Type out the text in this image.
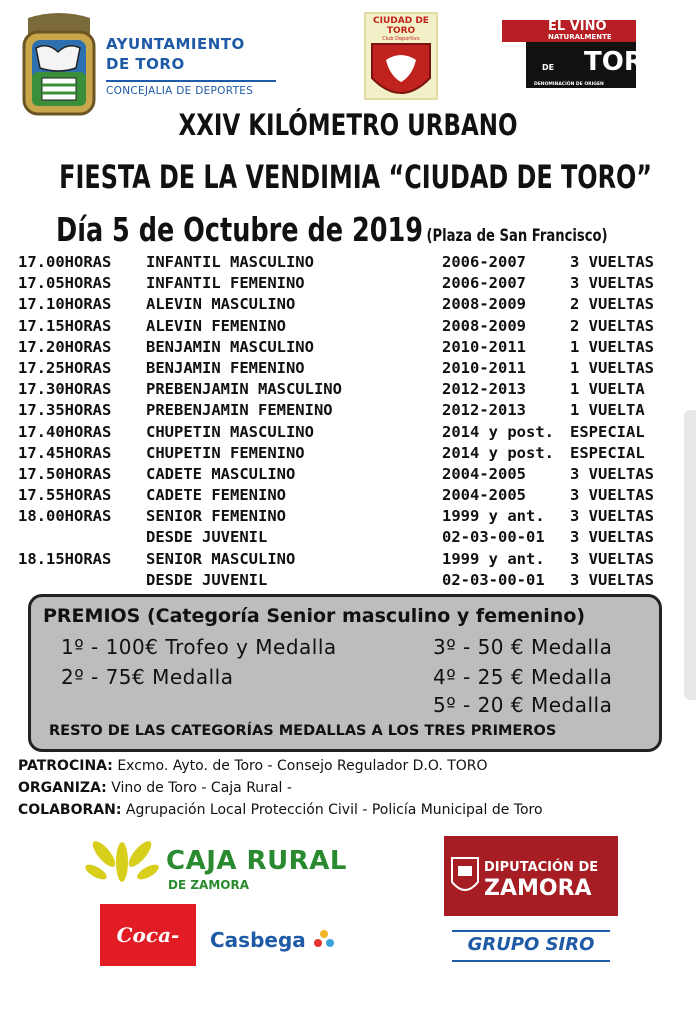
AYUNTAMIENTO
DE TORO
CONCEJALIA DE DEPORTES
CIUDAD DE TORO
Club Deportivo
EL VINO
NATURALMENTE
DE TORO
DENOMINACIÓN DE ORIGEN
XXIV KILÓMETRO URBANO
FIESTA DE LA VENDIMIA “CIUDAD DE TORO”
Día 5 de Octubre de 2019 (Plaza de San Francisco)
17.00HORAS INFANTIL MASCULINO	2006-2007	3 VUELTAS
17.05HORAS INFANTIL FEMENINO	2006-2007	3 VUELTAS
17.10HORAS ALEVIN MASCULINO	2008-2009	2 VUELTAS
17.15HORAS ALEVIN FEMENINO	2008-2009	2 VUELTAS
17.20HORAS BENJAMIN MASCULINO	2010-2011	1 VUELTAS
17.25HORAS BENJAMIN FEMENINO	2010-2011	1 VUELTAS
17.30HORAS PREBENJAMIN MASCULINO	2012-2013	1 VUELTA
17.35HORAS PREBENJAMIN FEMENINO	2012-2013	1 VUELTA
17.40HORAS CHUPETIN MASCULINO	2014 y post. ESPECIAL
17.45HORAS CHUPETIN FEMENINO	2014 y post. ESPECIAL
17.50HORAS CADETE MASCULINO	2004-2005	3 VUELTAS
17.55HORAS CADETE FEMENINO	2004-2005	3 VUELTAS
18.00HORAS SENIOR FEMENINO	1999 y ant. 3 VUELTAS
DESDE JUVENIL	02-03-00-01 3 VUELTAS
18.15HORAS SENIOR MASCULINO	1999 y ant. 3 VUELTAS
DESDE JUVENIL	02-03-00-01 3 VUELTAS
PREMIOS (Categoría Senior masculino y femenino)
1º - 100€ Trofeo y Medalla
2º - 75€ Medalla
3º - 50 € Medalla
4º - 25 € Medalla
5º - 20 € Medalla
RESTO DE LAS CATEGORÍAS MEDALLAS A LOS TRES PRIMEROS
PATROCINA: Excmo. Ayto. de Toro - Consejo Regulador D.O. TORO
ORGANIZA: Vino de Toro - Caja Rural -
COLABORAN: Agrupación Local Protección Civil - Policía Municipal de Toro
CAJA RURAL
DE ZAMORA
Coca-Cola
Casbega
DIPUTACIÓN DE
ZAMORA
GRUPO SIRO
